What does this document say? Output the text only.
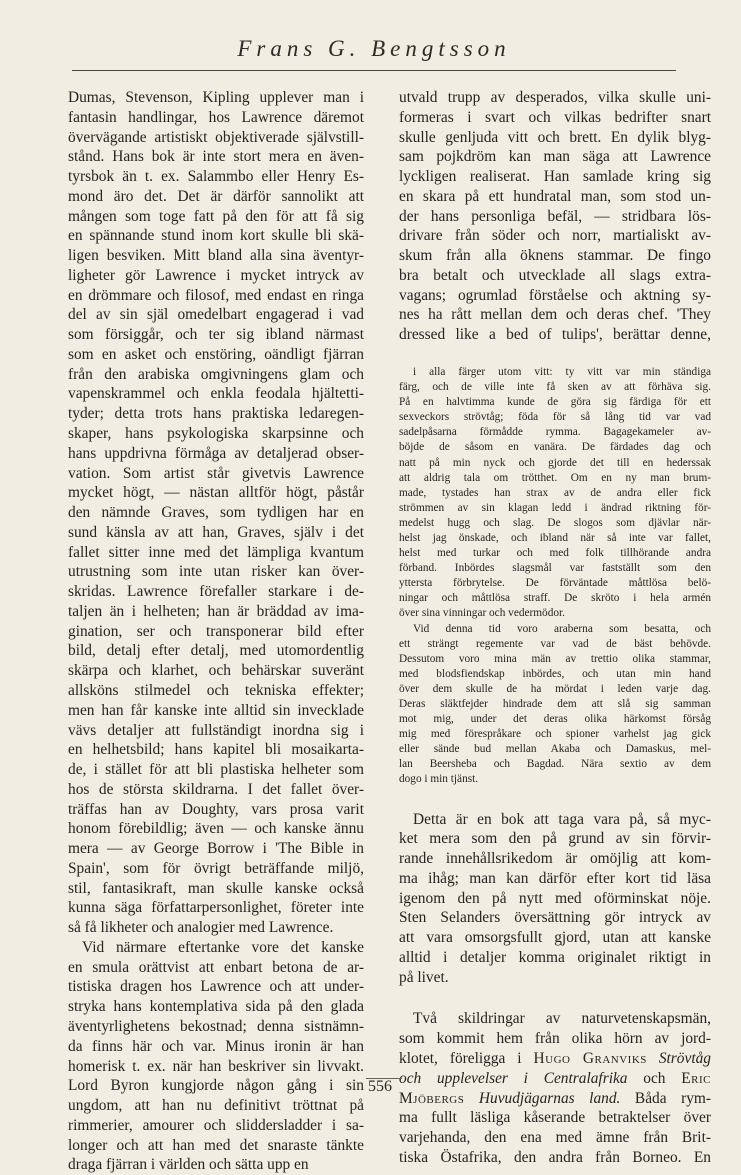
Frans G. Bengtsson
Dumas, Stevenson, Kipling upplever man i
fantasin handlingar, hos Lawrence däremot
övervägande artistiskt objektiverade självstill-
stånd. Hans bok är inte stort mera en även-
tyrsbok än t. ex. Salammbo eller Henry Es-
mond äro det. Det är därför sannolikt att
mången som toge fatt på den för att få sig
en spännande stund inom kort skulle bli skä-
ligen besviken. Mitt bland alla sina äventyr-
ligheter gör Lawrence i mycket intryck av
en drömmare och filosof, med endast en ringa
del av sin själ omedelbart engagerad i vad
som försiggår, och ter sig ibland närmast
som en asket och enstöring, oändligt fjärran
från den arabiska omgivningens glam och
vapenskrammel och enkla feodala hjältetti-
tyder; detta trots hans praktiska ledaregen-
skaper, hans psykologiska skarpsinne och
hans uppdrivna förmåga av detaljerad obser-
vation. Som artist står givetvis Lawrence
mycket högt, — nästan alltför högt, påstår
den nämnde Graves, som tydligen har en
sund känsla av att han, Graves, själv i det
fallet sitter inne med det lämpliga kvantum
utrustning som inte utan risker kan över-
skridas. Lawrence förefaller starkare i de-
taljen än i helheten; han är bräddad av ima-
gination, ser och transponerar bild efter
bild, detalj efter detalj, med utomordentlig
skärpa och klarhet, och behärskar suveränt
allsköns stilmedel och tekniska effekter;
men han får kanske inte alltid sin invecklade
vävs detaljer att fullständigt inordna sig i
en helhetsbild; hans kapitel bli mosaikarta-
de, i stället för att bli plastiska helheter som
hos de största skildrarna. I det fallet över-
träffas han av Doughty, vars prosa varit
honom förebildlig; även — och kanske ännu
mera — av George Borrow i 'The Bible in
Spain', som för övrigt beträffande miljö,
stil, fantasikraft, man skulle kanske också
kunna säga författarpersonlighet, företer inte
så få likheter och analogier med Lawrence.
Vid närmare eftertanke vore det kanske
en smula orättvist att enbart betona de ar-
tistiska dragen hos Lawrence och att under-
stryka hans kontemplativa sida på den glada
äventyrlighetens bekostnad; denna sistnämn-
da finns här och var. Minus ironin är han
homerisk t. ex. när han beskriver sin livvakt.
Lord Byron kungjorde någon gång i sin
ungdom, att han nu definitivt tröttnat på
rimmerier, amourer och sliddersladder i sa-
longer och att han med det snaraste tänkte
draga fjärran i världen och sätta upp en
utvald trupp av desperados, vilka skulle uni-
formeras i svart och vilkas bedrifter snart
skulle genljuda vitt och brett. En dylik blyg-
sam pojkdröm kan man säga att Lawrence
lyckligen realiserat. Han samlade kring sig
en skara på ett hundratal man, som stod un-
der hans personliga befäl, — stridbara lös-
drivare från söder och norr, martialiskt av-
skum från alla öknens stammar. De fingo
bra betalt och utvecklade all slags extra-
vagans; ogrumlad förståelse och aktning sy-
nes ha rått mellan dem och deras chef. 'They
dressed like a bed of tulips', berättar denne,
i alla färger utom vitt: ty vitt var min ständiga
färg, och de ville inte få sken av att förhäva sig.
På en halvtimma kunde de göra sig färdiga för ett
sexveckors strövtåg; föda för så lång tid var vad
sadelpåsarna förmådde rymma. Bagagekameler av-
böjde de såsom en vanära. De färdades dag och
natt på min nyck och gjorde det till en hederssak
att aldrig tala om trötthet. Om en ny man brum-
made, tystades han strax av de andra eller fick
strömmen av sin klagan ledd i ändrad riktning för-
medelst hugg och slag. De slogos som djävlar när-
helst jag önskade, och ibland när så inte var fallet,
helst med turkar och med folk tillhörande andra
förband. Inbördes slagsmål var fastställt som den
yttersta förbrytelse. De förväntade måttlösa belö-
ningar och måttlösa straff. De skröto i hela armén
över sina vinningar och vedermödor.
Vid denna tid voro araberna som besatta, och
ett strängt regemente var vad de bäst behövde.
Dessutom voro mina män av trettio olika stammar,
med blodsfiendskap inbördes, och utan min hand
över dem skulle de ha mördat i leden varje dag.
Deras släktfejder hindrade dem att slå sig samman
mot mig, under det deras olika härkomst försåg
mig med förespråkare och spioner varhelst jag gick
eller sände bud mellan Akaba och Damaskus, mel-
lan Beersheba och Bagdad. Nära sextio av dem
dogo i min tjänst.
Detta är en bok att taga vara på, så myc-
ket mera som den på grund av sin förvir-
rande innehållsrikedom är omöjlig att kom-
ma ihåg; man kan därför efter kort tid läsa
igenom den på nytt med oförminskat nöje.
Sten Selanders översättning gör intryck av
att vara omsorgsfullt gjord, utan att kanske
alltid i detaljer komma originalet riktigt in
på livet.
Två skildringar av naturvetenskapsmän,
som kommit hem från olika hörn av jord-
klotet, föreligga i Hugo Granviks Strövtåg
och upplevelser i Centralafrika och Eric
Mjöbergs Huvudjägarnas land. Båda rym-
ma fullt läsliga kåserande betraktelser över
varjehanda, den ena med ämne från Brit-
tiska Östafrika, den andra från Borneo. En
556
